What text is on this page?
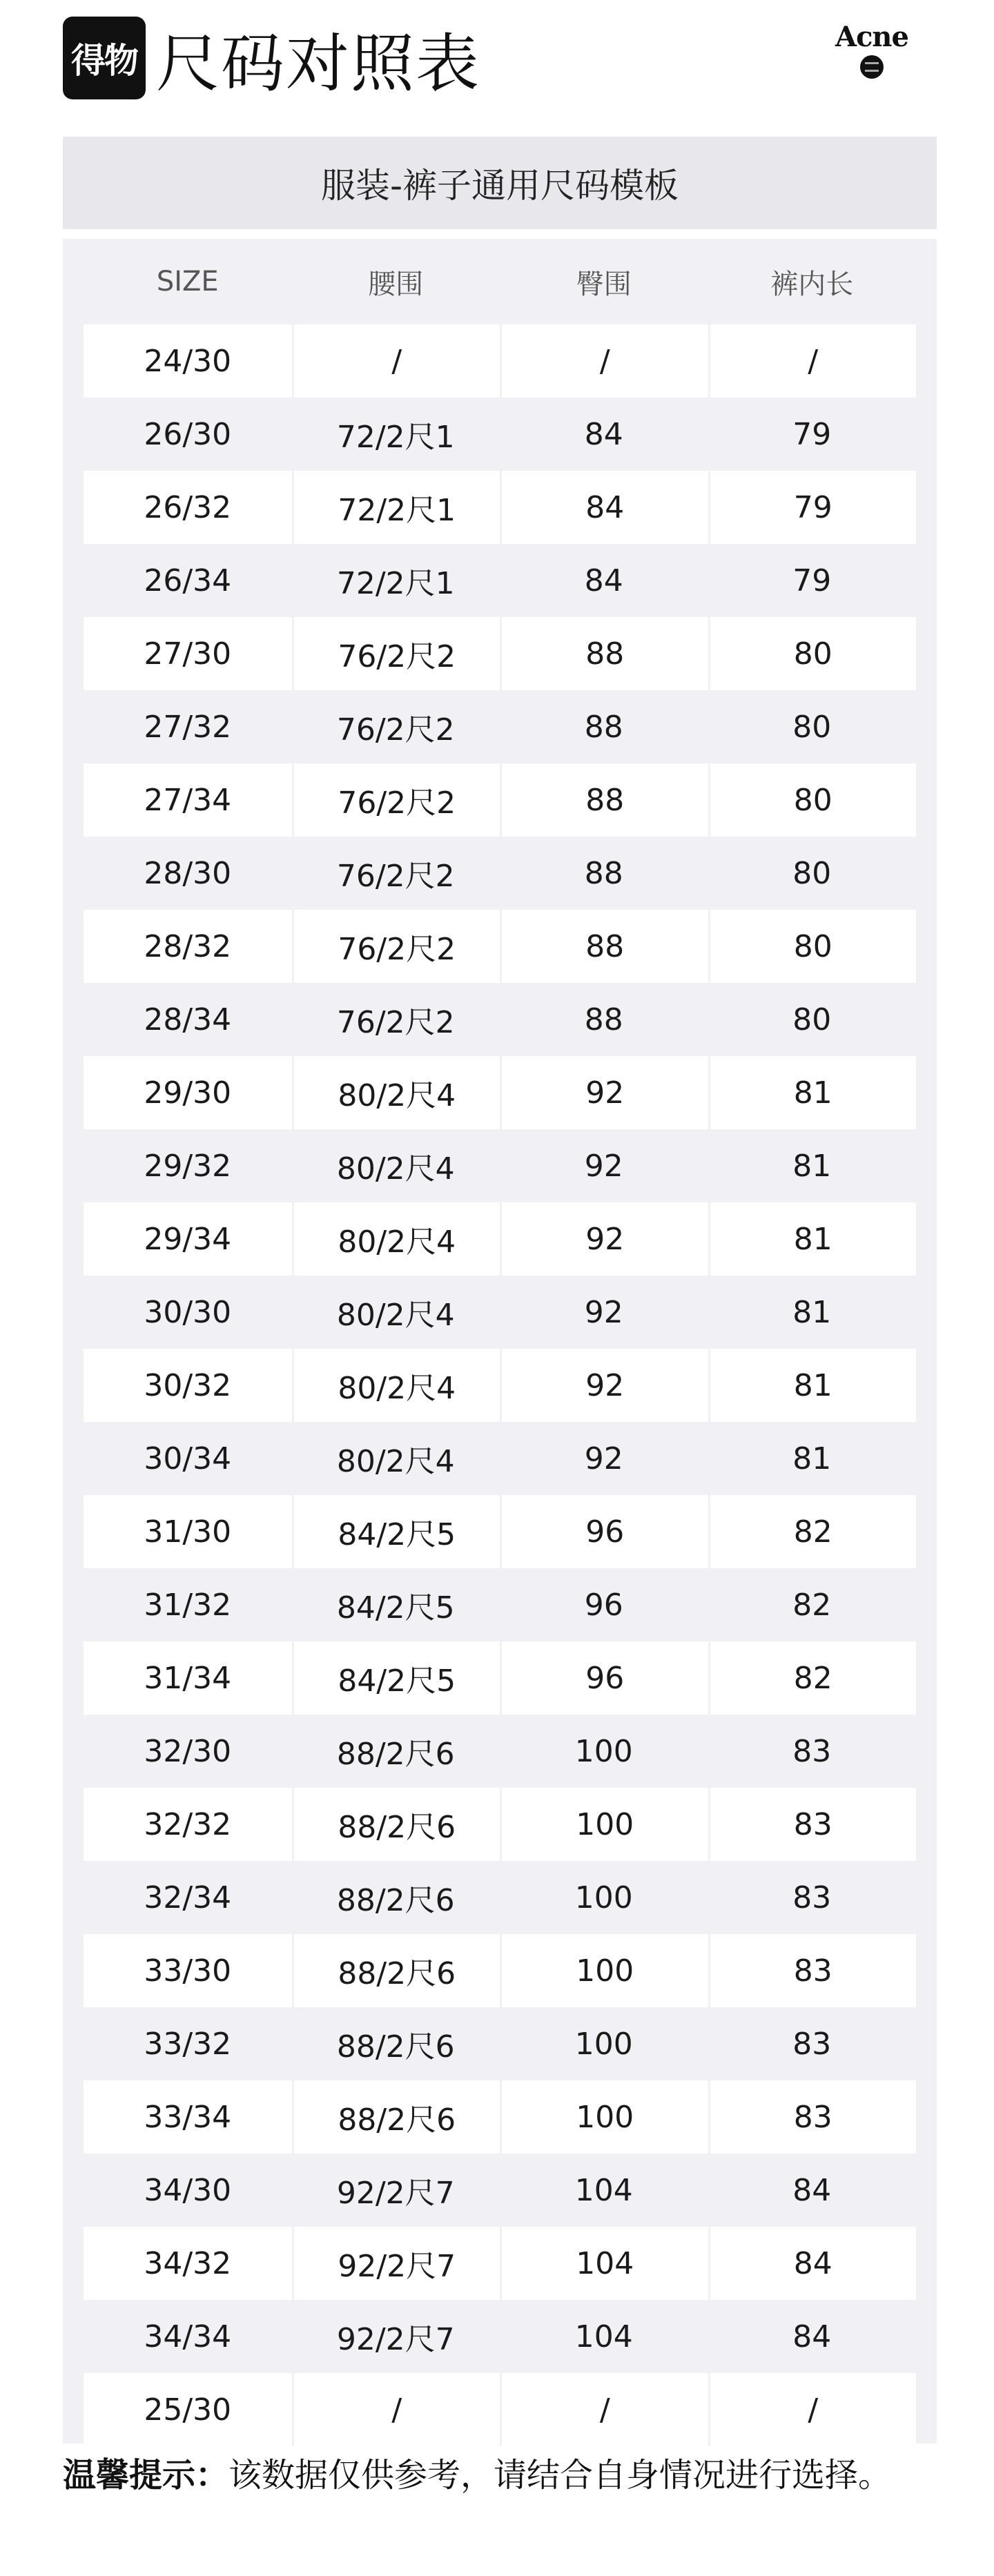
得物 尺码对照表	Acne
服装-裤子通用尺码模板
SIZE	腰围	臀围	裤内长
24/30	/	/	/
26/30	72/2尺1	84	79
26/32	72/2尺1	84	79
26/34	72/2尺1	84	79
27/30	76/2尺2	88	80
27/32	76/2尺2	88	80
27/34	76/2尺2	88	80
28/30	76/2尺2	88	80
28/32	76/2尺2	88	80
28/34	76/2尺2	88	80
29/30	80/2尺4	92	81
29/32	80/2尺4	92	81
29/34	80/2尺4	92	81
30/30	80/2尺4	92	81
30/32	80/2尺4	92	81
30/34	80/2尺4	92	81
31/30	84/2尺5	96	82
31/32	84/2尺5	96	82
31/34	84/2尺5	96	82
32/30	88/2尺6	100	83
32/32	88/2尺6	100	83
32/34	88/2尺6	100	83
33/30	88/2尺6	100	83
33/32	88/2尺6	100	83
33/34	88/2尺6	100	83
34/30	92/2尺7	104	84
34/32	92/2尺7	104	84
34/34	92/2尺7	104	84
25/30	/	/	/
温馨提示：该数据仅供参考，请结合自身情况进行选择。
